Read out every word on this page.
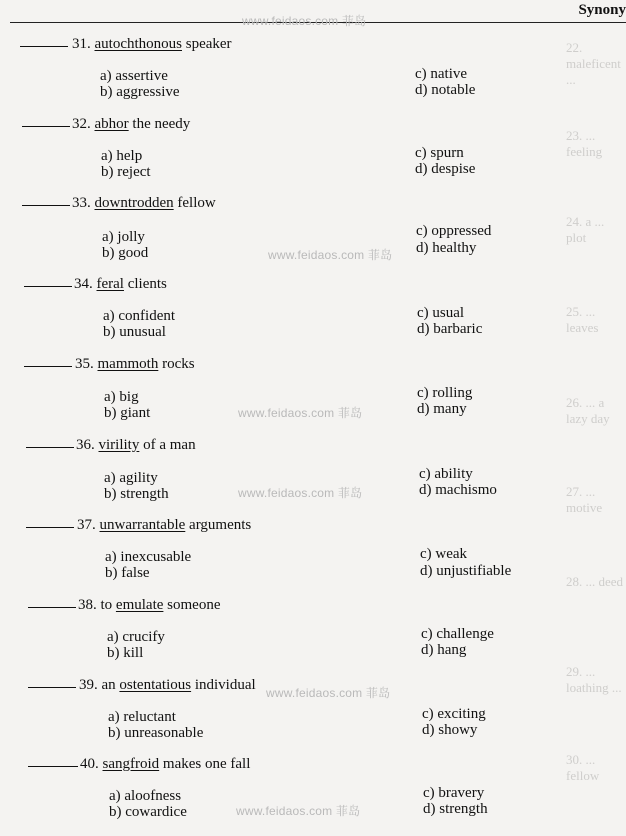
Synony
www.feidaos.com 菲岛
www.feidaos.com 菲岛
www.feidaos.com 菲岛
www.feidaos.com 菲岛
www.feidaos.com 菲岛
www.feidaos.com 菲岛
22. maleficent ...
23. ... feeling
24. a ... plot
25. ... leaves
26. ... a lazy day
27. ... motive
28. ... deed
29. ... loathing ...
30. ... fellow
31. autochthonous speaker
a) assertive
b) aggressive
c) native
d) notable
32. abhor the needy
a) help
b) reject
c) spurn
d) despise
33. downtrodden fellow
a) jolly
b) good
c) oppressed
d) healthy
34. feral clients
a) confident
b) unusual
c) usual
d) barbaric
35. mammoth rocks
a) big
b) giant
c) rolling
d) many
36. virility of a man
a) agility
b) strength
c) ability
d) machismo
37. unwarrantable arguments
a) inexcusable
b) false
c) weak
d) unjustifiable
38. to emulate someone
a) crucify
b) kill
c) challenge
d) hang
39. an ostentatious individual
a) reluctant
b) unreasonable
c) exciting
d) showy
40. sangfroid makes one fall
a) aloofness
b) cowardice
c) bravery
d) strength
